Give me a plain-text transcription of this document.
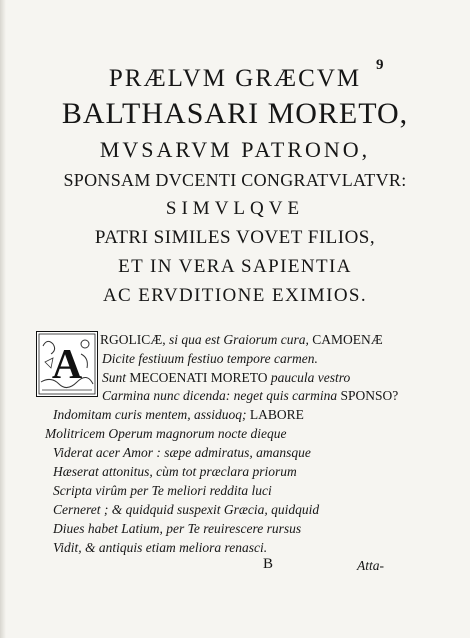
9
PRÆLVM GRÆCVM
BALTHASARI MORETO,
MVSARVM PATRONO,
SPONSAM DVCENTI CONGRATVLATVR:
SIMVLQVE
PATRI SIMILES VOVET FILIOS,
ET IN VERA SAPIENTIA
AC ERVDITIONE EXIMIOS.
A
RGOLICÆ, si qua est Graiorum cura, CAMOENÆ
Dicite festiuum festiuo tempore carmen.
Sunt MECOENATI MORETO paucula vestro
Carmina nunc dicenda: neget quis carmina SPONSO?
Indomitam curis mentem, assiduoq; LABORE
Molitricem Operum magnorum nocte dieque
Viderat acer Amor : sæpe admiratus, amansque
Hæserat attonitus, cùm tot præclara priorum
Scripta virûm per Te meliori reddita luci
Cerneret ; & quidquid suspexit Græcia, quidquid
Diues habet Latium, per Te reuirescere rursus
Vidit, & antiquis etiam meliora renasci.
B	Atta-
